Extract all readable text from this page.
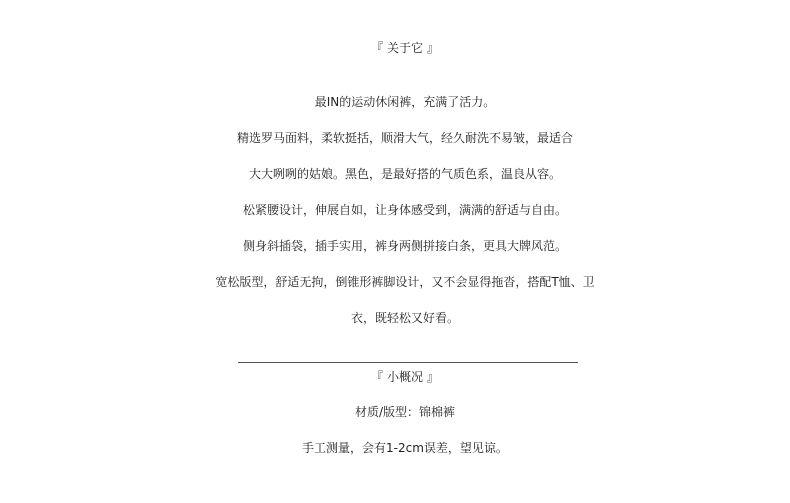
『 关于它 』
最IN的运动休闲裤，充满了活力。
精选罗马面料，柔软挺括，顺滑大气，经久耐洗不易皱，最适合
大大咧咧的姑娘。黑色，是最好搭的气质色系，温良从容。
松紧腰设计，伸展自如，让身体感受到，满满的舒适与自由。
侧身斜插袋，插手实用，裤身两侧拼接白条，更具大牌风范。
宽松版型，舒适无拘，倒锥形裤脚设计，又不会显得拖沓，搭配T恤、卫
衣，既轻松又好看。
『 小概况 』
材质/版型：锦棉裤
手工测量，会有1-2cm误差，望见谅。
